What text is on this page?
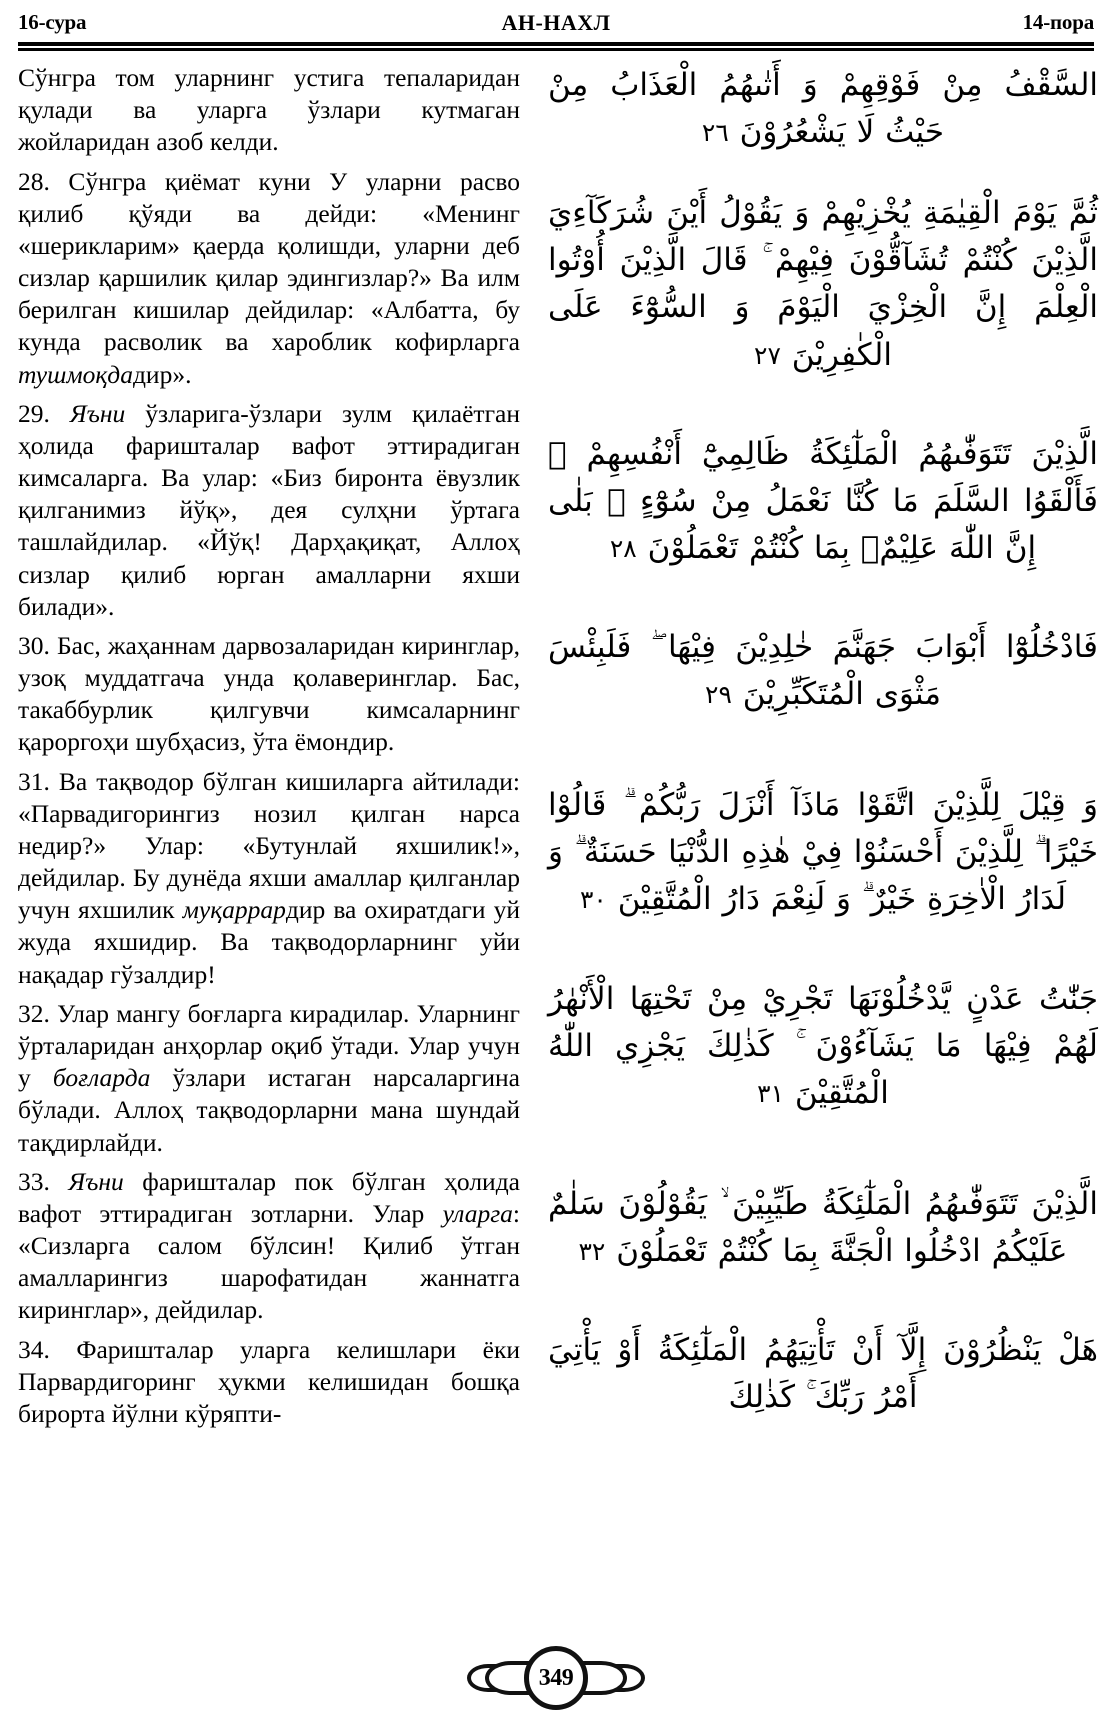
16-сура	АН-НАХЛ	14-пора

Сўнгра том уларнинг устига тепаларидан қулади ва уларга ўзлари кутмаган жойларидан азоб келди.

28. Сўнгра қиёмат куни У уларни расво қилиб қўяди ва дейди: «Менинг «шерикларим» қаерда қолишди, уларни деб сизлар қаршилик қилар эдингизлар?» Ва илм берилган кишилар дейдилар: «Албатта, бу кунда расволик ва хароблик кофирларга тушмоқдадир».

29. Яъни ўзларига-ўзлари зулм қилаётган ҳолида фаришталар вафот эттирадиган кимсаларга. Ва улар: «Биз биронта ёвузлик қилганимиз йўқ», дея сулҳни ўртага ташлайдилар. «Йўқ! Дарҳақиқат, Аллоҳ сизлар қилиб юрган амалларни яхши билади».

30. Бас, жаҳаннам дарвозаларидан киринглар, узоқ муддатгача унда қолаверинглар. Бас, такаббурлик қилгувчи кимсаларнинг қароргоҳи шубҳасиз, ўта ёмондир.

31. Ва тақводор бўлган кишиларга айтилади: «Парвадигорингиз нозил қилган нарса недир?» Улар: «Бутунлай яхшилик!», дейдилар. Бу дунёда яхши амаллар қилганлар учун яхшилик муқаррардир ва охиратдаги уй жуда яхшидир. Ва тақводорларнинг уйи нақадар гўзалдир!

32. Улар мангу боғларга кирадилар. Уларнинг ўрталаридан анҳорлар оқиб ўтади. Улар учун у боғларда ўзлари истаган нарсаларгина бўлади. Аллоҳ тақводорларни мана шундай тақдирлайди.

33. Яъни фаришталар пок бўлган ҳолида вафот эттирадиган зотларни. Улар уларга: «Сизларга салом бўлсин! Қилиб ўтган амалларингиз шарофатидан жаннатга киринглар», дейдилар.

34. Фаришталар уларга келишлари ёки Парвардигоринг ҳукми келишидан бошқа бирорта йўлни кўряпти-

السَّقْفُ مِنْ فَوْقِهِمْ وَ أَتٰىهُمُ الْعَذَابُ مِنْ حَيْثُ لَا يَشْعُرُوْنَ ٢٦
ثُمَّ يَوْمَ الْقِيٰمَةِ يُخْزِيْهِمْ وَ يَقُوْلُ أَيْنَ شُرَكَآءِيَ الَّذِيْنَ كُنْتُمْ تُشَآقُّوْنَ فِيْهِمْ ۚ قَالَ الَّذِيْنَ أُوْتُوا الْعِلْمَ إِنَّ الْخِزْيَ الْيَوْمَ وَ السُّوْٓءَ عَلَى الْكٰفِرِيْنَ ٢٧
الَّذِيْنَ تَتَوَفّٰىهُمُ الْمَلٰٓئِكَةُ ظَالِمِيْٓ أَنْفُسِهِمْ ۖ فَأَلْقَوُا السَّلَمَ مَا كُنَّا نَعْمَلُ مِنْ سُوْٓءٍ ۚ بَلٰى إِنَّ اللّٰهَ عَلِيْمٌۢ بِمَا كُنْتُمْ تَعْمَلُوْنَ ٢٨
فَادْخُلُوْٓا أَبْوَابَ جَهَنَّمَ خٰلِدِيْنَ فِيْهَا ۖ فَلَبِئْسَ مَثْوَى الْمُتَكَبِّرِيْنَ ٢٩
وَ قِيْلَ لِلَّذِيْنَ اتَّقَوْا مَاذَآ أَنْزَلَ رَبُّكُمْ ۗ قَالُوْا خَيْرًا ۗ لِلَّذِيْنَ أَحْسَنُوْا فِيْ هٰذِهِ الدُّنْيَا حَسَنَةٌ ۗ وَ لَدَارُ الْاٰخِرَةِ خَيْرٌ ۗ وَ لَنِعْمَ دَارُ الْمُتَّقِيْنَ ٣٠
جَنّٰتُ عَدْنٍ يَّدْخُلُوْنَهَا تَجْرِيْ مِنْ تَحْتِهَا الْأَنْهٰرُ لَهُمْ فِيْهَا مَا يَشَآءُوْنَ ۚ كَذٰلِكَ يَجْزِي اللّٰهُ الْمُتَّقِيْنَ ٣١
الَّذِيْنَ تَتَوَفّٰىهُمُ الْمَلٰٓئِكَةُ طَيِّبِيْنَ ۙ يَقُوْلُوْنَ سَلٰمٌ عَلَيْكُمُ ادْخُلُوا الْجَنَّةَ بِمَا كُنْتُمْ تَعْمَلُوْنَ ٣٢
هَلْ يَنْظُرُوْنَ إِلَّآ أَنْ تَأْتِيَهُمُ الْمَلٰٓئِكَةُ أَوْ يَأْتِيَ أَمْرُ رَبِّكَ ۚ كَذٰلِكَ
349
